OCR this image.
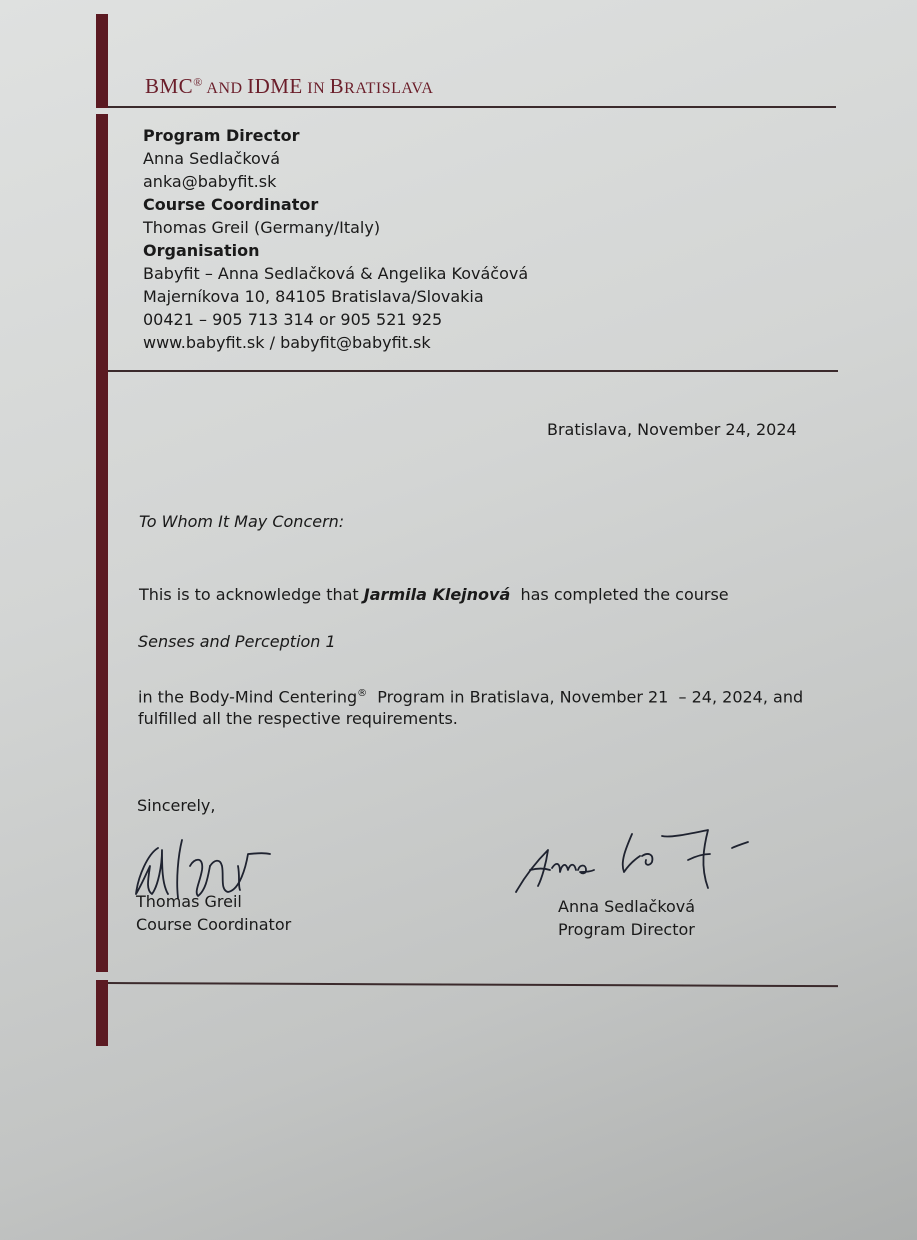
BMC® AND IDME IN BRATISLAVA
Program Director
Anna Sedlačková
anka@babyfit.sk
Course Coordinator
Thomas Greil (Germany/Italy)
Organisation
Babyfit – Anna Sedlačková & Angelika Kováčová
Majerníkova 10, 84105 Bratislava/Slovakia
00421 – 905 713 314 or 905 521 925
www.babyfit.sk / babyfit@babyfit.sk
Bratislava, November 24, 2024
To Whom It May Concern:
This is to acknowledge that Jarmila Klejnová  has completed the course
Senses and Perception 1
in the Body-Mind Centering®  Program in Bratislava, November 21  – 24, 2024, and
fulfilled all the respective requirements.
Sincerely,
Thomas Greil
Course Coordinator
Anna Sedlačková
Program Director
